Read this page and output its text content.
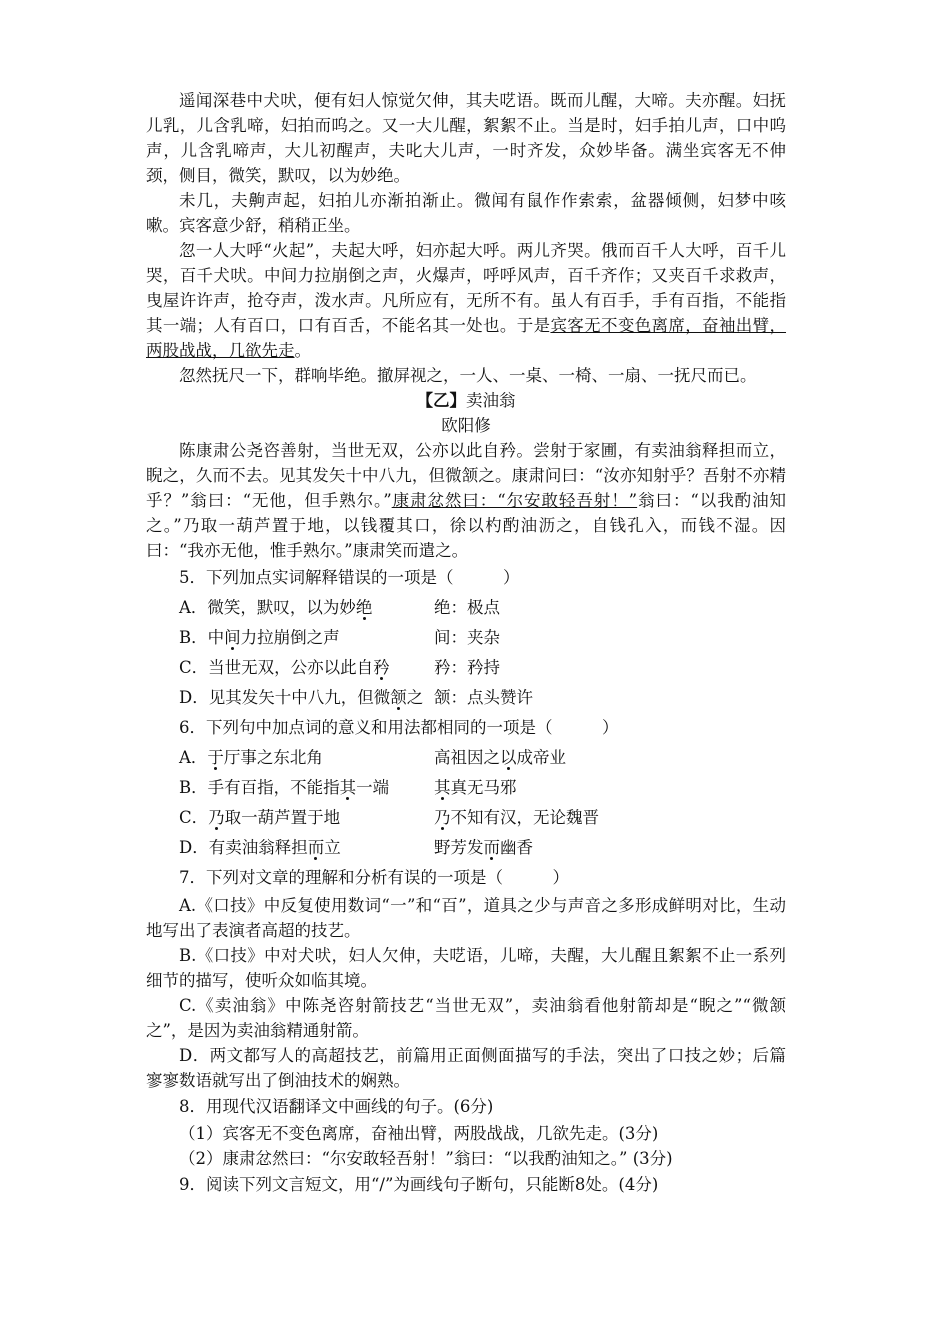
遥闻深巷中犬吠，便有妇人惊觉欠伸，其夫呓语。既而儿醒，大啼。夫亦醒。妇抚儿乳，儿含乳啼，妇拍而呜之。又一大儿醒，絮絮不止。当是时，妇手拍儿声，口中呜声，儿含乳啼声，大儿初醒声，夫叱大儿声，一时齐发，众妙毕备。满坐宾客无不伸颈，侧目，微笑，默叹，以为妙绝。

未几，夫齁声起，妇拍儿亦渐拍渐止。微闻有鼠作作索索，盆器倾侧，妇梦中咳嗽。宾客意少舒，稍稍正坐。

忽一人大呼“火起”，夫起大呼，妇亦起大呼。两儿齐哭。俄而百千人大呼，百千儿哭，百千犬吠。中间力拉崩倒之声，火爆声，呼呼风声，百千齐作；又夹百千求救声，曳屋许许声，抢夺声，泼水声。凡所应有，无所不有。虽人有百手，手有百指，不能指其一端；人有百口，口有百舌，不能名其一处也。于是宾客无不变色离席，奋袖出臂，两股战战，几欲先走。

忽然抚尺一下，群响毕绝。撤屏视之，一人、一桌、一椅、一扇、一抚尺而已。

【乙】卖油翁

欧阳修

陈康肃公尧咨善射，当世无双，公亦以此自矜。尝射于家圃，有卖油翁释担而立，睨之，久而不去。见其发矢十中八九，但微颔之。康肃问曰：“汝亦知射乎？吾射不亦精乎？”翁曰：“无他，但手熟尔。”康肃忿然曰：“尔安敢轻吾射！”翁曰：“以我酌油知之。”乃取一葫芦置于地，以钱覆其口，徐以杓酌油沥之，自钱孔入，而钱不湿。因曰：“我亦无他，惟手熟尔。”康肃笑而遣之。

5．下列加点实词解释错误的一项是（　　　）

A．微笑，默叹，以为妙绝	绝：极点
B．中间力拉崩倒之声	间：夹杂
C．当世无双，公亦以此自矜	矜：矜持
D．见其发矢十中八九，但微颔之 颔：点头赞许

6．下列句中加点词的意义和用法都相同的一项是（　　　）

A．于厅事之东北角	高祖因之以成帝业
B．手有百指，不能指其一端	其真无马邪
C．乃取一葫芦置于地	乃不知有汉，无论魏晋
D．有卖油翁释担而立	野芳发而幽香

7．下列对文章的理解和分析有误的一项是（　　　）

A.《口技》中反复使用数词“一”和“百”，道具之少与声音之多形成鲜明对比，生动地写出了表演者高超的技艺。

B.《口技》中对犬吠，妇人欠伸，夫呓语，儿啼，夫醒，大儿醒且絮絮不止一系列细节的描写，使听众如临其境。

C.《卖油翁》中陈尧咨射箭技艺“当世无双”，卖油翁看他射箭却是“睨之”“微颔之”，是因为卖油翁精通射箭。

D．两文都写人的高超技艺，前篇用正面侧面描写的手法，突出了口技之妙；后篇寥寥数语就写出了倒油技术的娴熟。

8．用现代汉语翻译文中画线的句子。(6分)

（1）宾客无不变色离席，奋袖出臂，两股战战，几欲先走。(3分)

（2）康肃忿然曰：“尔安敢轻吾射！”翁曰：“以我酌油知之。” (3分)

9．阅读下列文言短文，用“/”为画线句子断句，只能断8处。(4分)
